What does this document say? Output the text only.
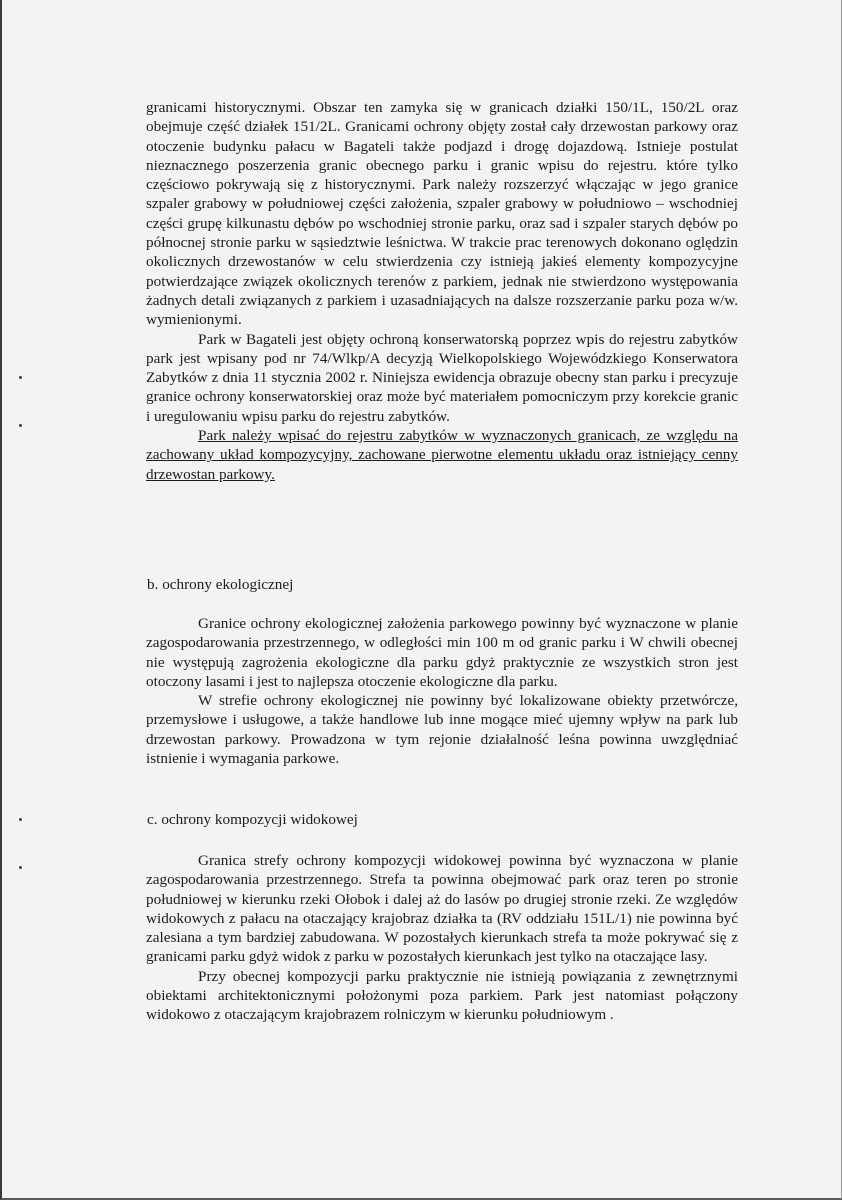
granicami historycznymi. Obszar ten zamyka się w granicach działki 150/1L, 150/2L oraz obejmuje część działek 151/2L. Granicami ochrony objęty został cały drzewostan parkowy oraz otoczenie budynku pałacu w Bagateli także podjazd i drogę dojazdową. Istnieje postulat nieznacznego poszerzenia granic obecnego parku i granic wpisu do rejestru. które tylko częściowo pokrywają się z historycznymi. Park należy rozszerzyć włączając w jego granice szpaler grabowy w południowej części założenia, szpaler grabowy w południowo – wschodniej części grupę kilkunastu dębów po wschodniej stronie parku, oraz sad i szpaler starych dębów po północnej stronie parku w sąsiedztwie leśnictwa. W trakcie prac terenowych dokonano oględzin okolicznych drzewostanów w celu stwierdzenia czy istnieją jakieś elementy kompozycyjne potwierdzające związek okolicznych terenów z parkiem, jednak nie stwierdzono występowania żadnych detali związanych z parkiem i uzasadniających na dalsze rozszerzanie parku poza w/w. wymienionymi.

Park w Bagateli jest objęty ochroną konserwatorską poprzez wpis do rejestru zabytków park jest wpisany pod nr 74/Wlkp/A decyzją Wielkopolskiego Wojewódzkiego Konserwatora Zabytków z dnia 11 stycznia 2002 r. Niniejsza ewidencja obrazuje obecny stan parku i precyzuje granice ochrony konserwatorskiej oraz może być materiałem pomocniczym przy korekcie granic i uregulowaniu wpisu parku do rejestru zabytków.

Park należy wpisać do rejestru zabytków w wyznaczonych granicach, ze względu na zachowany układ kompozycyjny, zachowane pierwotne elementu układu oraz istniejący cenny drzewostan parkowy.

b. ochrony ekologicznej

Granice ochrony ekologicznej założenia parkowego powinny być wyznaczone w planie zagospodarowania przestrzennego, w odległości min 100 m od granic parku i W chwili obecnej nie występują zagrożenia ekologiczne dla parku gdyż praktycznie ze wszystkich stron jest otoczony lasami i jest to najlepsza otoczenie ekologiczne dla parku.

W strefie ochrony ekologicznej nie powinny być lokalizowane obiekty przetwórcze, przemysłowe i usługowe, a także handlowe lub inne mogące mieć ujemny wpływ na park lub drzewostan parkowy. Prowadzona w tym rejonie działalność leśna powinna uwzględniać istnienie i wymagania parkowe.

c. ochrony kompozycji widokowej

Granica strefy ochrony kompozycji widokowej powinna być wyznaczona w planie zagospodarowania przestrzennego. Strefa ta powinna obejmować park oraz teren po stronie południowej w kierunku rzeki Ołobok i dalej aż do lasów po drugiej stronie rzeki. Ze względów widokowych z pałacu na otaczający krajobraz działka ta (RV oddziału 151L/1) nie powinna być zalesiana a tym bardziej zabudowana. W pozostałych kierunkach strefa ta może pokrywać się z granicami parku gdyż widok z parku w pozostałych kierunkach jest tylko na otaczające lasy.

Przy obecnej kompozycji parku praktycznie nie istnieją powiązania z zewnętrznymi obiektami architektonicznymi położonymi poza parkiem. Park jest natomiast połączony widokowo z otaczającym krajobrazem rolniczym w kierunku południowym .
